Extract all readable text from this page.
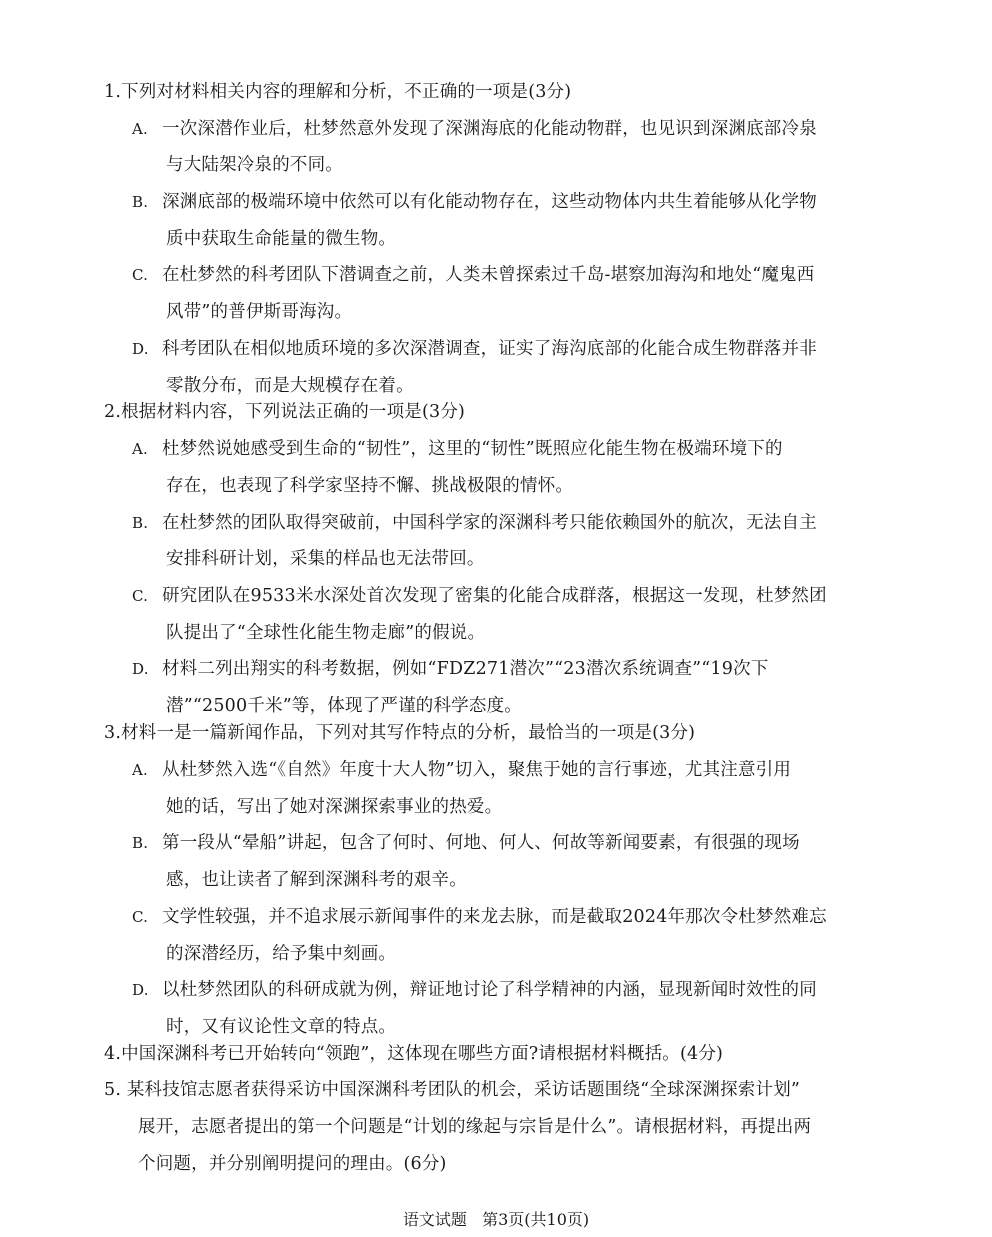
1.下列对材料相关内容的理解和分析，不正确的一项是(3分)
A. 一次深潜作业后，杜梦然意外发现了深渊海底的化能动物群，也见识到深渊底部冷泉
与大陆架冷泉的不同。
B. 深渊底部的极端环境中依然可以有化能动物存在，这些动物体内共生着能够从化学物
质中获取生命能量的微生物。
C. 在杜梦然的科考团队下潜调查之前，人类未曾探索过千岛-堪察加海沟和地处“魔鬼西
风带”的普伊斯哥海沟。
D. 科考团队在相似地质环境的多次深潜调查，证实了海沟底部的化能合成生物群落并非
零散分布，而是大规模存在着。
2.根据材料内容，下列说法正确的一项是(3分)
A. 杜梦然说她感受到生命的“韧性”，这里的“韧性”既照应化能生物在极端环境下的
存在，也表现了科学家坚持不懈、挑战极限的情怀。
B. 在杜梦然的团队取得突破前，中国科学家的深渊科考只能依赖国外的航次，无法自主
安排科研计划，采集的样品也无法带回。
C. 研究团队在9533米水深处首次发现了密集的化能合成群落，根据这一发现，杜梦然团
队提出了“全球性化能生物走廊”的假说。
D. 材料二列出翔实的科考数据，例如“FDZ271潜次”“23潜次系统调查”“19次下
潜”“2500千米”等，体现了严谨的科学态度。
3.材料一是一篇新闻作品，下列对其写作特点的分析，最恰当的一项是(3分)
A. 从杜梦然入选“《自然》年度十大人物”切入，聚焦于她的言行事迹，尤其注意引用
她的话，写出了她对深渊探索事业的热爱。
B. 第一段从“晕船”讲起，包含了何时、何地、何人、何故等新闻要素，有很强的现场
感，也让读者了解到深渊科考的艰辛。
C. 文学性较强，并不追求展示新闻事件的来龙去脉，而是截取2024年那次令杜梦然难忘
的深潜经历，给予集中刻画。
D. 以杜梦然团队的科研成就为例，辩证地讨论了科学精神的内涵，显现新闻时效性的同
时，又有议论性文章的特点。
4.中国深渊科考已开始转向“领跑”，这体现在哪些方面?请根据材料概括。(4分)
5. 某科技馆志愿者获得采访中国深渊科考团队的机会，采访话题围绕“全球深渊探索计划”
展开，志愿者提出的第一个问题是“计划的缘起与宗旨是什么”。请根据材料，再提出两
个问题，并分别阐明提问的理由。(6分)
语文试题   第3页(共10页)
